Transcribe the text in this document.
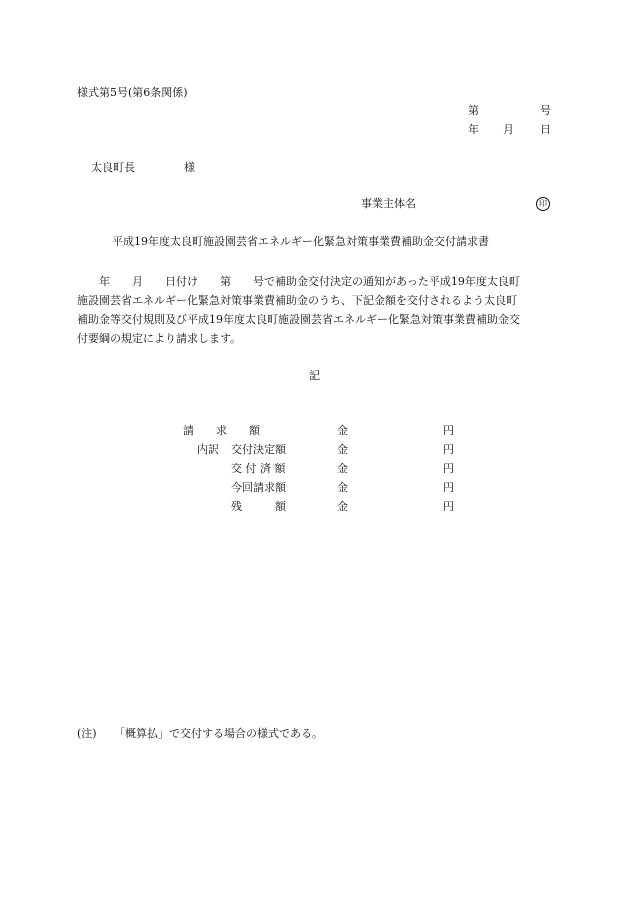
様式第5号(第6条関係)
第	号
年 月 日
太良町長	様
事業主体名	印
平成19年度太良町施設園芸省エネルギー化緊急対策事業費補助金交付請求書
　　年　　月　　日付け　　第　　号で補助金交付決定の通知があった平成19年度太良町
施設園芸省エネルギー化緊急対策事業費補助金のうち、下記金額を交付されるよう太良町
補助金等交付規則及び平成19年度太良町施設園芸省エネルギー化緊急対策事業費補助金交
付要綱の規定により請求します。
記
請　　求　　額	金	円
内訳 交付決定額	金	円
交 付 済 額	金	円
今回請求額	金	円
残　　　額	金	円
(注) 「概算払」で交付する場合の様式である。
